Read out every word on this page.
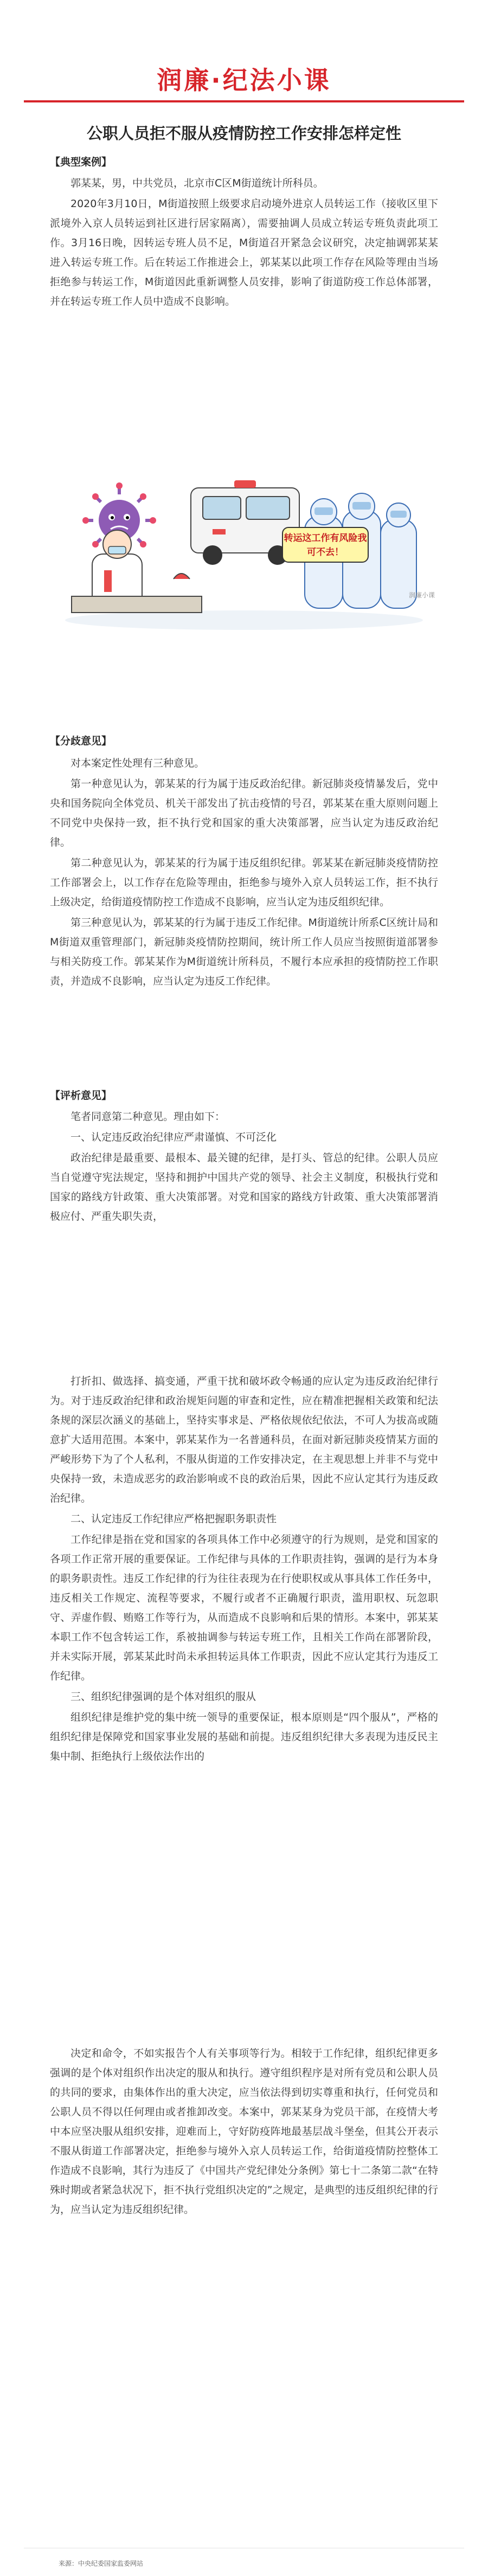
润廉·纪法小课
公职人员拒不服从疫情防控工作安排怎样定性
【典型案例】

郭某某，男，中共党员，北京市C区M街道统计所科员。

2020年3月10日，M街道按照上级要求启动境外进京人员转运工作（接收区里下派境外入京人员转运到社区进行居家隔离），需要抽调人员成立转运专班负责此项工作。3月16日晚，因转运专班人员不足，M街道召开紧急会议研究，决定抽调郭某某进入转运专班工作。后在转运工作推进会上，郭某某以此项工作存在风险等理由当场拒绝参与转运工作，M街道因此重新调整人员安排，影响了街道防疫工作总体部署，并在转运专班工作人员中造成不良影响。

转运这工作有风险我可不去！
润廉小课
【分歧意见】

对本案定性处理有三种意见。

第一种意见认为，郭某某的行为属于违反政治纪律。新冠肺炎疫情暴发后，党中央和国务院向全体党员、机关干部发出了抗击疫情的号召，郭某某在重大原则问题上不同党中央保持一致，拒不执行党和国家的重大决策部署，应当认定为违反政治纪律。

第二种意见认为，郭某某的行为属于违反组织纪律。郭某某在新冠肺炎疫情防控工作部署会上，以工作存在危险等理由，拒绝参与境外入京人员转运工作，拒不执行上级决定，给街道疫情防控工作造成不良影响，应当认定为违反组织纪律。

第三种意见认为，郭某某的行为属于违反工作纪律。M街道统计所系C区统计局和M街道双重管理部门，新冠肺炎疫情防控期间，统计所工作人员应当按照街道部署参与相关防疫工作。郭某某作为M街道统计所科员，不履行本应承担的疫情防控工作职责，并造成不良影响，应当认定为违反工作纪律。

【评析意见】

笔者同意第二种意见。理由如下：

一、认定违反政治纪律应严肃谨慎、不可泛化

政治纪律是最重要、最根本、最关键的纪律，是打头、管总的纪律。公职人员应当自觉遵守宪法规定，坚持和拥护中国共产党的领导、社会主义制度，积极执行党和国家的路线方针政策、重大决策部署。对党和国家的路线方针政策、重大决策部署消极应付、严重失职失责，

打折扣、做选择、搞变通，严重干扰和破坏政令畅通的应认定为违反政治纪律行为。对于违反政治纪律和政治规矩问题的审查和定性，应在精准把握相关政策和纪法条规的深层次涵义的基础上，坚持实事求是、严格依规依纪依法，不可人为拔高或随意扩大适用范围。本案中，郭某某作为一名普通科员，在面对新冠肺炎疫情某方面的严峻形势下为了个人私利，不服从街道的工作安排决定，在主观思想上并非不与党中央保持一致，未造成恶劣的政治影响或不良的政治后果，因此不应认定其行为违反政治纪律。

二、认定违反工作纪律应严格把握职务职责性

工作纪律是指在党和国家的各项具体工作中必须遵守的行为规则，是党和国家的各项工作正常开展的重要保证。工作纪律与具体的工作职责挂钩，强调的是行为本身的职务职责性。违反工作纪律的行为往往表现为在行使职权或从事具体工作任务中，违反相关工作规定、流程等要求，不履行或者不正确履行职责，滥用职权、玩忽职守、弄虚作假、贿赂工作等行为，从而造成不良影响和后果的情形。本案中，郭某某本职工作不包含转运工作，系被抽调参与转运专班工作，且相关工作尚在部署阶段，并未实际开展，郭某某此时尚未承担转运具体工作职责，因此不应认定其行为违反工作纪律。

三、组织纪律强调的是个体对组织的服从

组织纪律是维护党的集中统一领导的重要保证，根本原则是“四个服从”，严格的组织纪律是保障党和国家事业发展的基础和前提。违反组织纪律大多表现为违反民主集中制、拒绝执行上级依法作出的

决定和命令，不如实报告个人有关事项等行为。相较于工作纪律，组织纪律更多强调的是个体对组织作出决定的服从和执行。遵守组织程序是对所有党员和公职人员的共同的要求，由集体作出的重大决定，应当依法得到切实尊重和执行，任何党员和公职人员不得以任何理由或者推卸改变。本案中，郭某某身为党员干部，在疫情大考中本应坚决服从组织安排，迎难而上，守好防疫阵地最基层战斗堡垒，但其公开表示不服从街道工作部署决定，拒绝参与境外入京人员转运工作，给街道疫情防控整体工作造成不良影响，其行为违反了《中国共产党纪律处分条例》第七十二条第二款“在特殊时期或者紧急状况下，拒不执行党组织决定的”之规定，是典型的违反组织纪律的行为，应当认定为违反组织纪律。

来源：中央纪委国家监委网站
